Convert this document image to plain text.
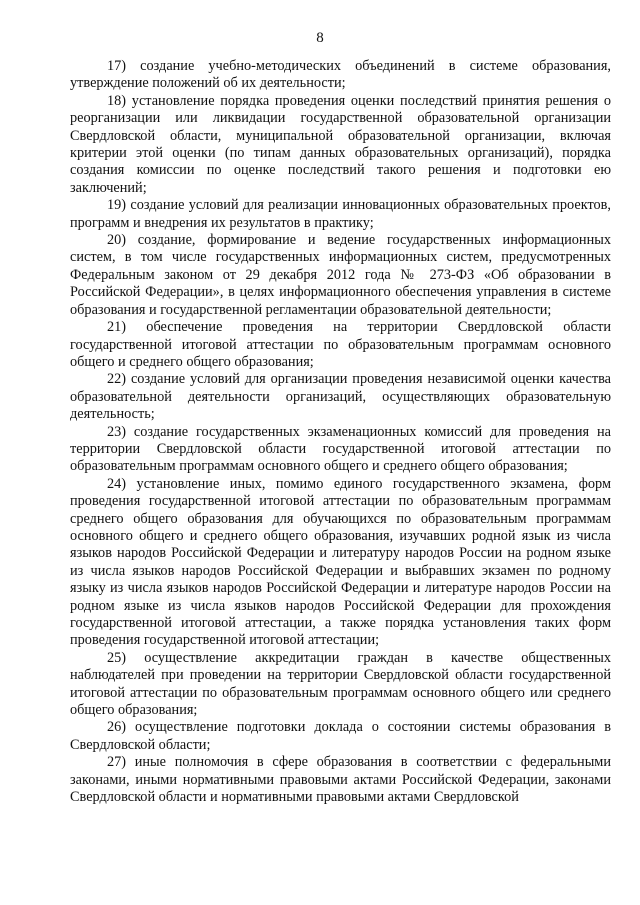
8

17) создание учебно-методических объединений в системе образования, утверждение положений об их деятельности;

18) установление порядка проведения оценки последствий принятия решения о реорганизации или ликвидации государственной образовательной организации Свердловской области, муниципальной образовательной организации, включая критерии этой оценки (по типам данных образовательных организаций), порядка создания комиссии по оценке последствий такого решения и подготовки ею заключений;

19) создание условий для реализации инновационных образовательных проектов, программ и внедрения их результатов в практику;

20) создание, формирование и ведение государственных информационных систем, в том числе государственных информационных систем, предусмотренных Федеральным законом от 29 декабря 2012 года № 273-ФЗ «Об образовании в Российской Федерации», в целях информационного обеспечения управления в системе образования и государственной регламентации образовательной деятельности;

21) обеспечение проведения на территории Свердловской области государственной итоговой аттестации по образовательным программам основного общего и среднего общего образования;

22) создание условий для организации проведения независимой оценки качества образовательной деятельности организаций, осуществляющих образовательную деятельность;

23) создание государственных экзаменационных комиссий для проведения на территории Свердловской области государственной итоговой аттестации по образовательным программам основного общего и среднего общего образования;

24) установление иных, помимо единого государственного экзамена, форм проведения государственной итоговой аттестации по образовательным программам среднего общего образования для обучающихся по образовательным программам основного общего и среднего общего образования, изучавших родной язык из числа языков народов Российской Федерации и литературу народов России на родном языке из числа языков народов Российской Федерации и выбравших экзамен по родному языку из числа языков народов Российской Федерации и литературе народов России на родном языке из числа языков народов Российской Федерации для прохождения государственной итоговой аттестации, а также порядка установления таких форм проведения государственной итоговой аттестации;

25) осуществление аккредитации граждан в качестве общественных наблюдателей при проведении на территории Свердловской области государственной итоговой аттестации по образовательным программам основного общего или среднего общего образования;

26) осуществление подготовки доклада о состоянии системы образования в Свердловской области;

27) иные полномочия в сфере образования в соответствии с федеральными законами, иными нормативными правовыми актами Российской Федерации, законами Свердловской области и нормативными правовыми актами Свердловской
